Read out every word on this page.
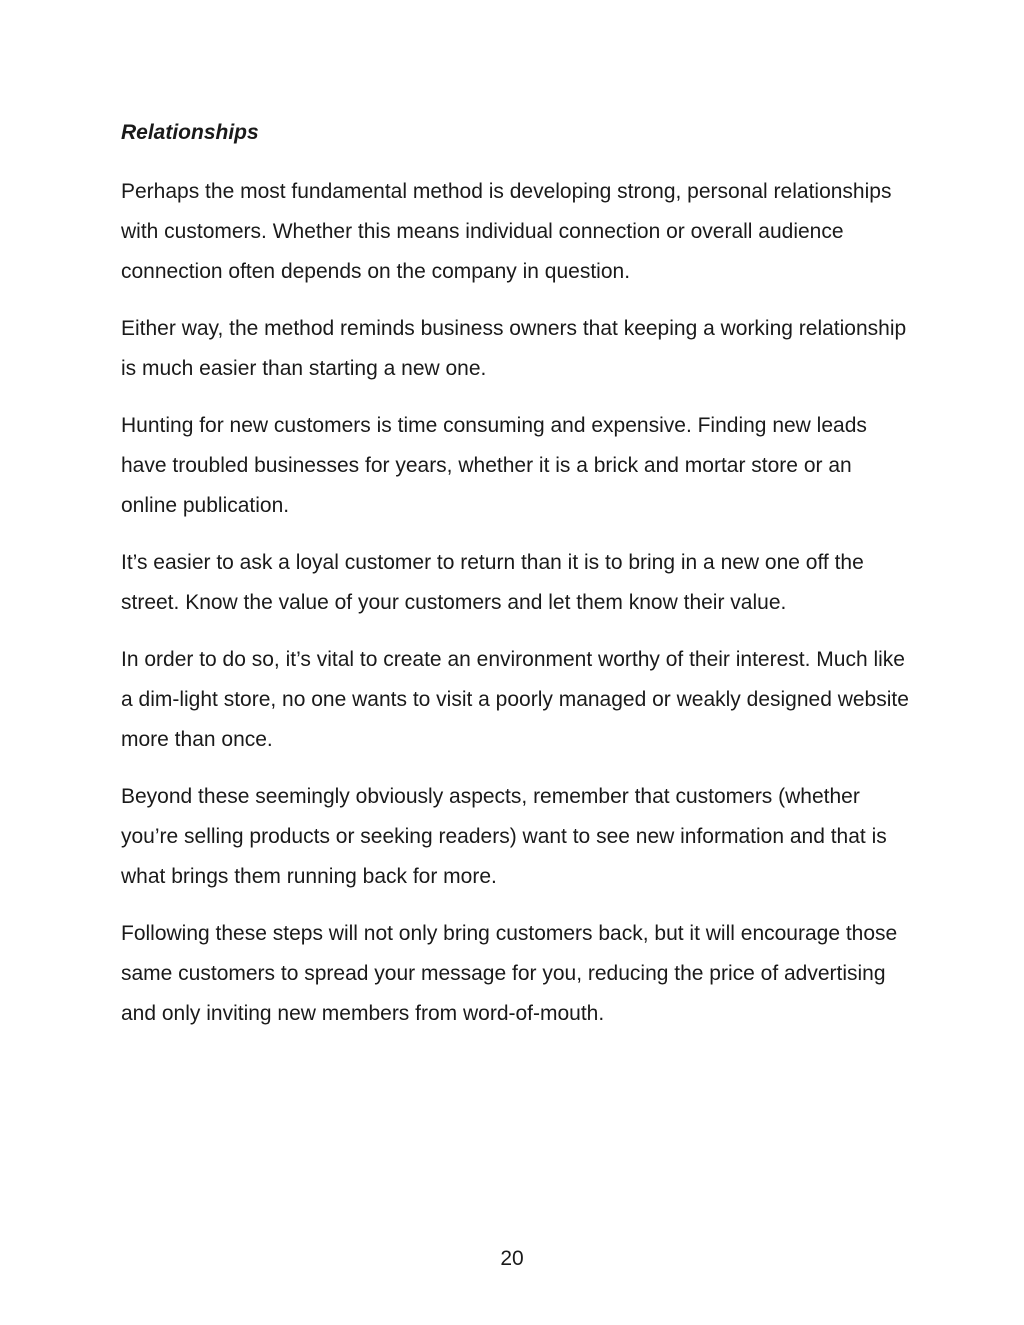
Relationships

Perhaps the most fundamental method is developing strong, personal relationships with customers. Whether this means individual connection or overall audience connection often depends on the company in question.

Either way, the method reminds business owners that keeping a working relationship is much easier than starting a new one.

Hunting for new customers is time consuming and expensive. Finding new leads have troubled businesses for years, whether it is a brick and mortar store or an online publication.

It’s easier to ask a loyal customer to return than it is to bring in a new one off the street. Know the value of your customers and let them know their value.

In order to do so, it’s vital to create an environment worthy of their interest. Much like a dim-light store, no one wants to visit a poorly managed or weakly designed website more than once.

Beyond these seemingly obviously aspects, remember that customers (whether you’re selling products or seeking readers) want to see new information and that is what brings them running back for more.

Following these steps will not only bring customers back, but it will encourage those same customers to spread your message for you, reducing the price of advertising and only inviting new members from word-of-mouth.

20
